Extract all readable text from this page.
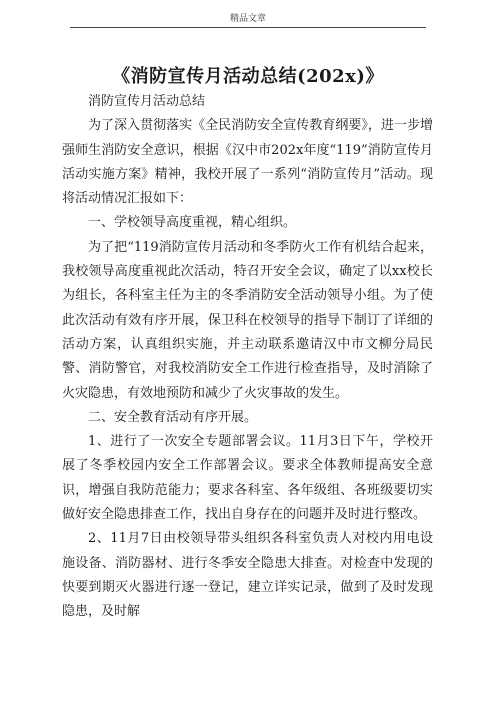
精品文章
《消防宣传月活动总结(202x)》

消防宣传月活动总结

为了深入贯彻落实《全民消防安全宣传教育纲要》，进一步增强师生消防安全意识，根据《汉中市202x年度“119”消防宣传月活动实施方案》精神，我校开展了一系列“消防宣传月”活动。现将活动情况汇报如下：

一、学校领导高度重视，精心组织。

为了把“119消防宣传月活动和冬季防火工作有机结合起来，我校领导高度重视此次活动，特召开安全会议，确定了以xx校长为组长，各科室主任为主的冬季消防安全活动领导小组。为了使此次活动有效有序开展，保卫科在校领导的指导下制订了详细的活动方案，认真组织实施，并主动联系邀请汉中市文柳分局民警、消防警官，对我校消防安全工作进行检查指导，及时消除了火灾隐患，有效地预防和减少了火灾事故的发生。

二、安全教育活动有序开展。

1、进行了一次安全专题部署会议。11月3日下午，学校开展了冬季校园内安全工作部署会议。要求全体教师提高安全意识，增强自我防范能力；要求各科室、各年级组、各班级要切实做好安全隐患排查工作，找出自身存在的问题并及时进行整改。

2、11月7日由校领导带头组织各科室负责人对校内用电设施设备、消防器材、进行冬季安全隐患大排查。对检查中发现的快要到期灭火器进行逐一登记，建立详实记录，做到了及时发现隐患，及时解
